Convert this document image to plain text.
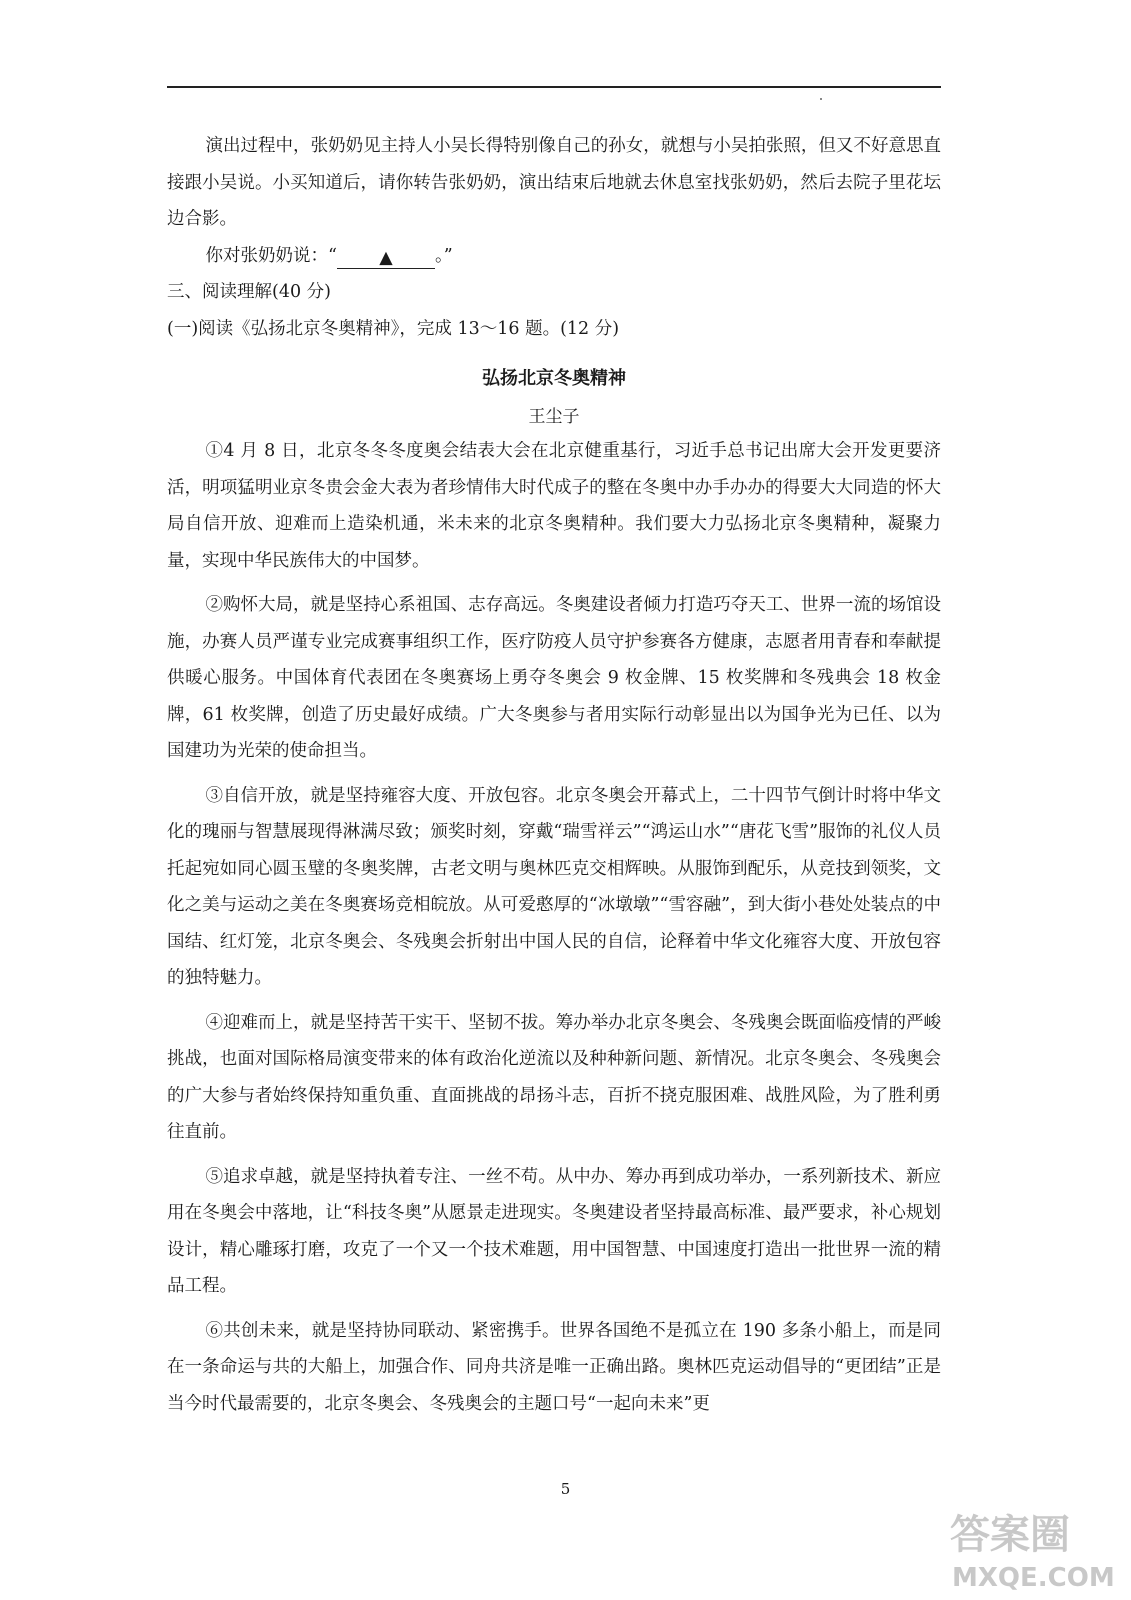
演出过程中，张奶奶见主持人小吴长得特别像自己的孙女，就想与小吴拍张照，但又不好意思直接跟小吴说。小买知道后，请你转告张奶奶，演出结束后地就去休息室找张奶奶，然后去院子里花坛边合影。

你对张奶奶说：“ ▲ 。”

三、阅读理解(40 分)

(一)阅读《弘扬北京冬奥精神》，完成 13～16 题。(12 分)

弘扬北京冬奥精神
王尘子

①4 月 8 日，北京冬冬冬度奥会结表大会在北京健重基行，习近手总书记出席大会开发更要济活，明项猛明业京冬贵会金大表为者珍情伟大时代成子的整在冬奥中办手办办的得要大大同造的怀大局自信开放、迎难而上造染机通，米未来的北京冬奥精种。我们要大力弘扬北京冬奥精种，凝聚力量，实现中华民族伟大的中国梦。

②购怀大局，就是坚持心系祖国、志存高远。冬奥建设者倾力打造巧夺天工、世界一流的场馆设施，办赛人员严谨专业完成赛事组织工作，医疗防疫人员守护参赛各方健康，志愿者用青春和奉献提供暖心服务。中国体育代表团在冬奥赛场上勇夺冬奥会 9 枚金牌、15 枚奖牌和冬残典会 18 枚金牌，61 枚奖牌，创造了历史最好成绩。广大冬奥参与者用实际行动彰显出以为国争光为已任、以为国建功为光荣的使命担当。

③自信开放，就是坚持雍容大度、开放包容。北京冬奥会开幕式上，二十四节气倒计时将中华文化的瑰丽与智慧展现得淋满尽致；颁奖时刻，穿戴“瑞雪祥云”“鸿运山水”“唐花飞雪”服饰的礼仪人员托起宛如同心圆玉璧的冬奥奖牌，古老文明与奥林匹克交相辉映。从服饰到配乐，从竞技到领奖，文化之美与运动之美在冬奥赛场竞相皖放。从可爱憨厚的“冰墩墩”“雪容融”，到大街小巷处处装点的中国结、红灯笼，北京冬奥会、冬残奥会折射出中国人民的自信，论释着中华文化雍容大度、开放包容的独特魅力。

④迎难而上，就是坚持苦干实干、坚韧不拔。筹办举办北京冬奥会、冬残奥会既面临疫情的严峻挑战，也面对国际格局演变带来的体有政治化逆流以及种种新问题、新情况。北京冬奥会、冬残奥会的广大参与者始终保持知重负重、直面挑战的昂扬斗志，百折不挠克服困难、战胜风险，为了胜利勇往直前。

⑤追求卓越，就是坚持执着专注、一丝不苟。从中办、筹办再到成功举办，一系列新技术、新应用在冬奥会中落地，让“科技冬奥”从愿景走进现实。冬奥建设者坚持最高标准、最严要求，补心规划设计，精心雕琢打磨，攻克了一个又一个技术难题，用中国智慧、中国速度打造出一批世界一流的精品工程。

⑥共创未来，就是坚持协同联动、紧密携手。世界各国绝不是孤立在 190 多条小船上，而是同在一条命运与共的大船上，加强合作、同舟共济是唯一正确出路。奥林匹克运动倡导的“更团结”正是当今时代最需要的，北京冬奥会、冬残奥会的主题口号“一起向未来”更

5
答案圈
MXQE.COM
